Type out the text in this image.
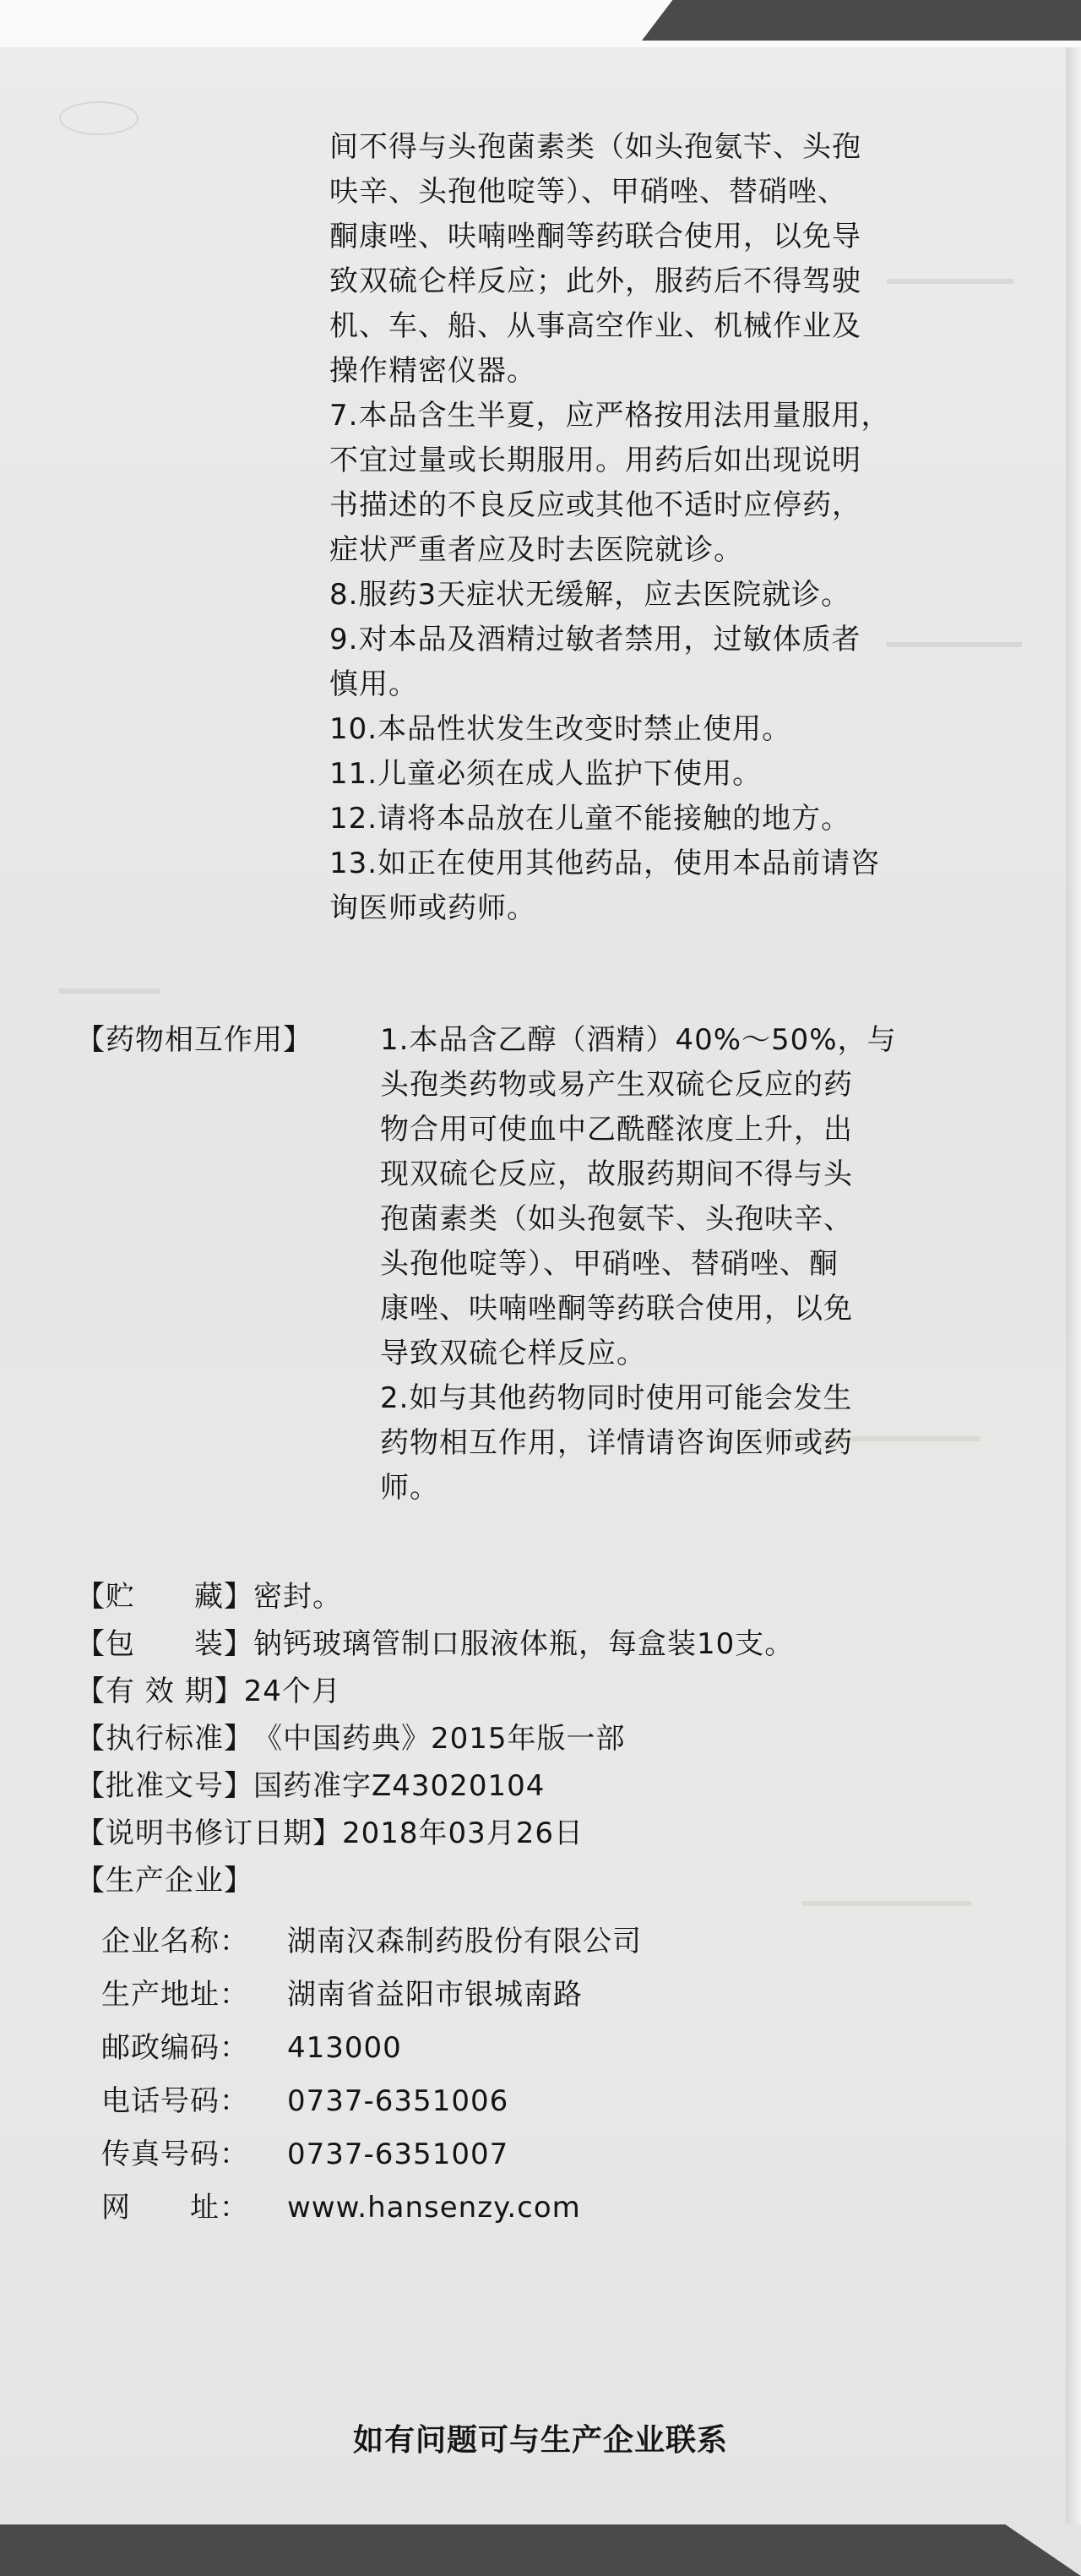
间不得与头孢菌素类（如头孢氨苄、头孢
呋辛、头孢他啶等）、甲硝唑、替硝唑、
酮康唑、呋喃唑酮等药联合使用，以免导
致双硫仑样反应；此外，服药后不得驾驶
机、车、船、从事高空作业、机械作业及
操作精密仪器。
7.本品含生半夏，应严格按用法用量服用，
不宜过量或长期服用。用药后如出现说明
书描述的不良反应或其他不适时应停药，
症状严重者应及时去医院就诊。
8.服药3天症状无缓解，应去医院就诊。
9.对本品及酒精过敏者禁用，过敏体质者
慎用。
10.本品性状发生改变时禁止使用。
11.儿童必须在成人监护下使用。
12.请将本品放在儿童不能接触的地方。
13.如正在使用其他药品，使用本品前请咨
询医师或药师。
【药物相互作用】	1.本品含乙醇（酒精）40%～50%，与
头孢类药物或易产生双硫仑反应的药
物合用可使血中乙酰醛浓度上升，出
现双硫仑反应，故服药期间不得与头
孢菌素类（如头孢氨苄、头孢呋辛、
头孢他啶等）、甲硝唑、替硝唑、酮
康唑、呋喃唑酮等药联合使用，以免
导致双硫仑样反应。
2.如与其他药物同时使用可能会发生
药物相互作用，详情请咨询医师或药
师。
【贮　　藏】密封。
【包　　装】钠钙玻璃管制口服液体瓶，每盒装10支。
【有 效 期】24个月
【执行标准】《中国药典》2015年版一部
【批准文号】国药准字Z43020104
【说明书修订日期】2018年03月26日
【生产企业】
企业名称： 湖南汉森制药股份有限公司
生产地址： 湖南省益阳市银城南路
邮政编码： 413000
电话号码： 0737-6351006
传真号码： 0737-6351007
网　　址： www.hansenzy.com
如有问题可与生产企业联系
